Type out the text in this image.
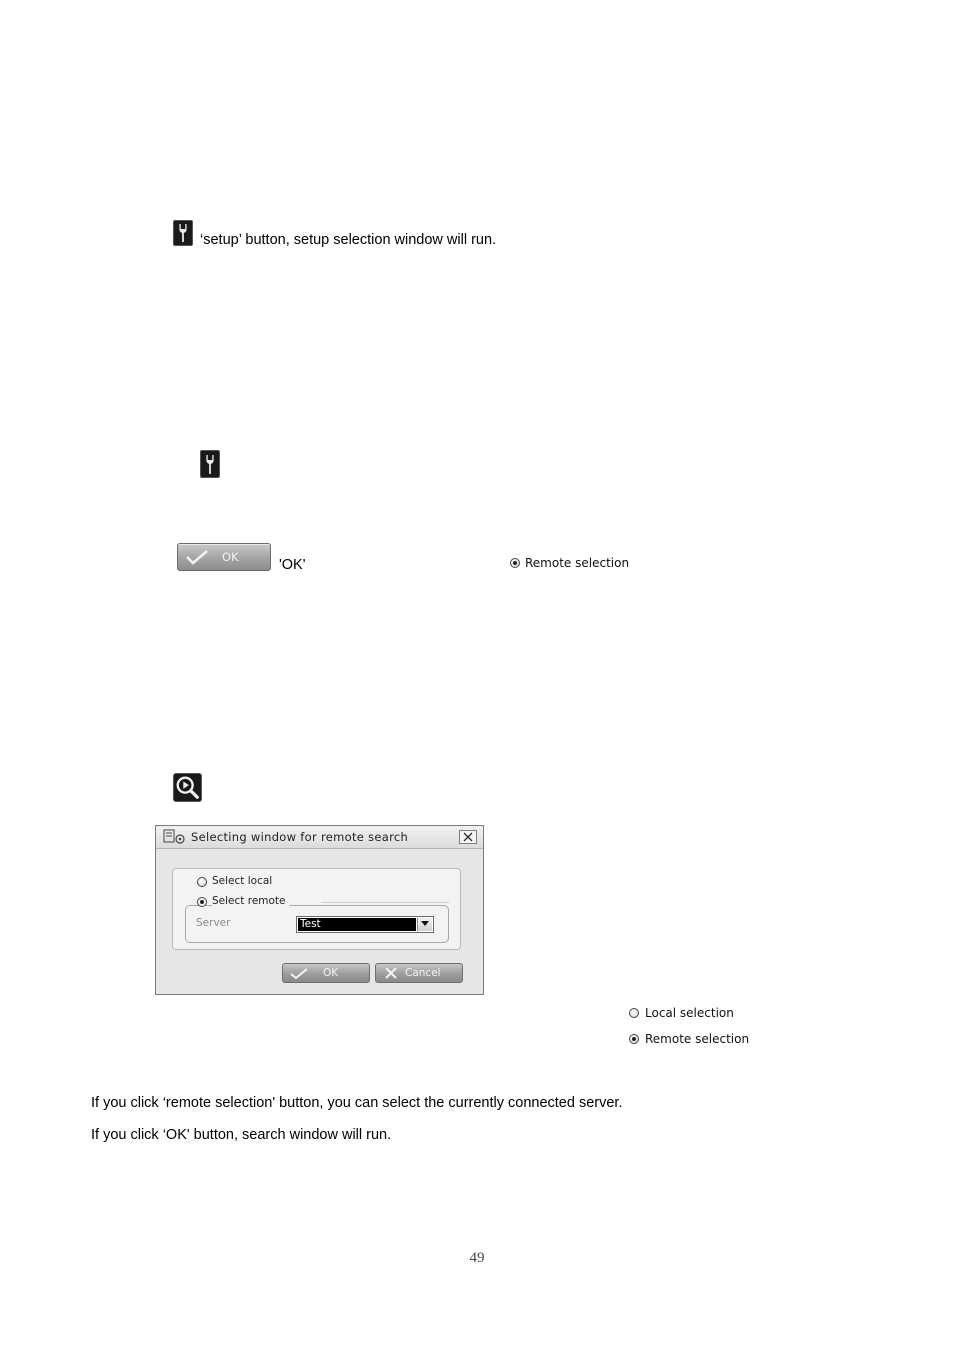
‘setup’ button, setup selection window will run.
OK	'OK'	Remote selection
Selecting window for remote search
Select local
Select remote
Server	Test
OK	Cancel
Local selection
Remote selection
If you click ‘remote selection' button, you can select the currently connected server.
If you click ‘OK' button, search window will run.
49
